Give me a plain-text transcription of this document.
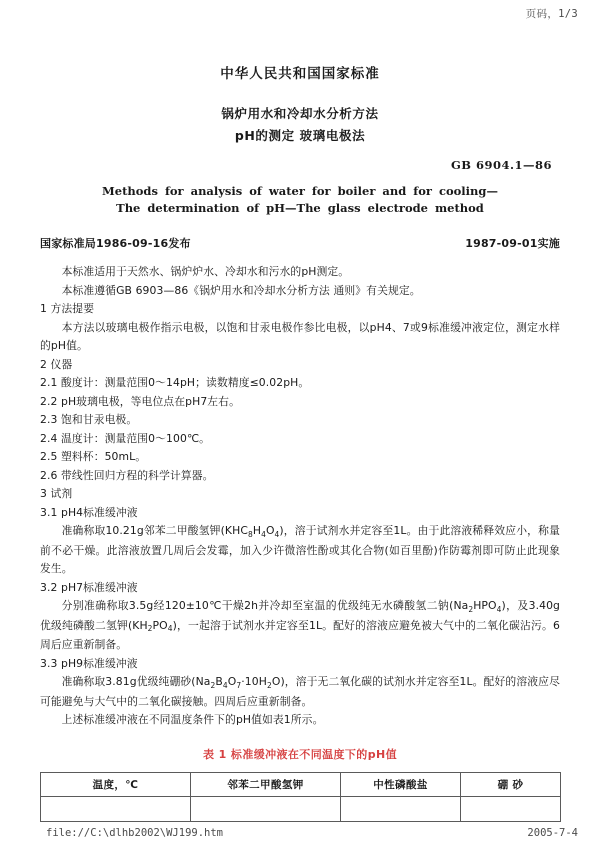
页码，1/3
中华人民共和国国家标准
锅炉用水和冷却水分析方法
pH的测定 玻璃电极法
GB 6904.1—86
Methods for analysis of water for boiler and for cooling—
The determination of pH—The glass electrode method
国家标准局1986-09-16发布	1987-09-01实施

本标准适用于天然水、锅炉炉水、冷却水和污水的pH测定。

本标准遵循GB 6903—86《锅炉用水和冷却水分析方法 通则》有关规定。

1 方法提要

本方法以玻璃电极作指示电极，以饱和甘汞电极作参比电极，以pH4、7或9标准缓冲液定位，测定水样的pH值。

2 仪器

2.1 酸度计：测量范围0～14pH；读数精度≤0.02pH。

2.2 pH玻璃电极，等电位点在pH7左右。

2.3 饱和甘汞电极。

2.4 温度计：测量范围0～100℃。

2.5 塑料杯：50mL。

2.6 带线性回归方程的科学计算器。

3 试剂

3.1 pH4标准缓冲液

准确称取10.21g邻苯二甲酸氢钾$(KHC_8H_4O_4)$，溶于试剂水并定容至1L。由于此溶液稀释效应小，称量前不必干燥。此溶液放置几周后会发霉，加入少许微溶性酚或其化合物(如百里酚)作防霉剂即可防止此现象发生。

3.2 pH7标准缓冲液

分别准确称取3.5g经120±10℃干燥2h并冷却至室温的优级纯无水磷酸氢二钠$(Na_2HPO_4)$，及3.40g优级纯磷酸二氢钾$(KH_2PO_4)$，一起溶于试剂水并定容至1L。配好的溶液应避免被大气中的二氧化碳沾污。6周后应重新制备。

3.3 pH9标准缓冲液

准确称取3.81g优级纯硼砂$(Na_2B_4O_7\cdot 10H_2O)$，溶于无二氧化碳的试剂水并定容至1L。配好的溶液应尽可能避免与大气中的二氧化碳接触。四周后应重新制备。

上述标准缓冲液在不同温度条件下的pH值如表1所示。

表 1 标准缓冲液在不同温度下的pH值
温度，℃	邻苯二甲酸氢钾	中性磷酸盐	硼 砂

file://C:\dlhb2002\WJ199.htm	2005-7-4
